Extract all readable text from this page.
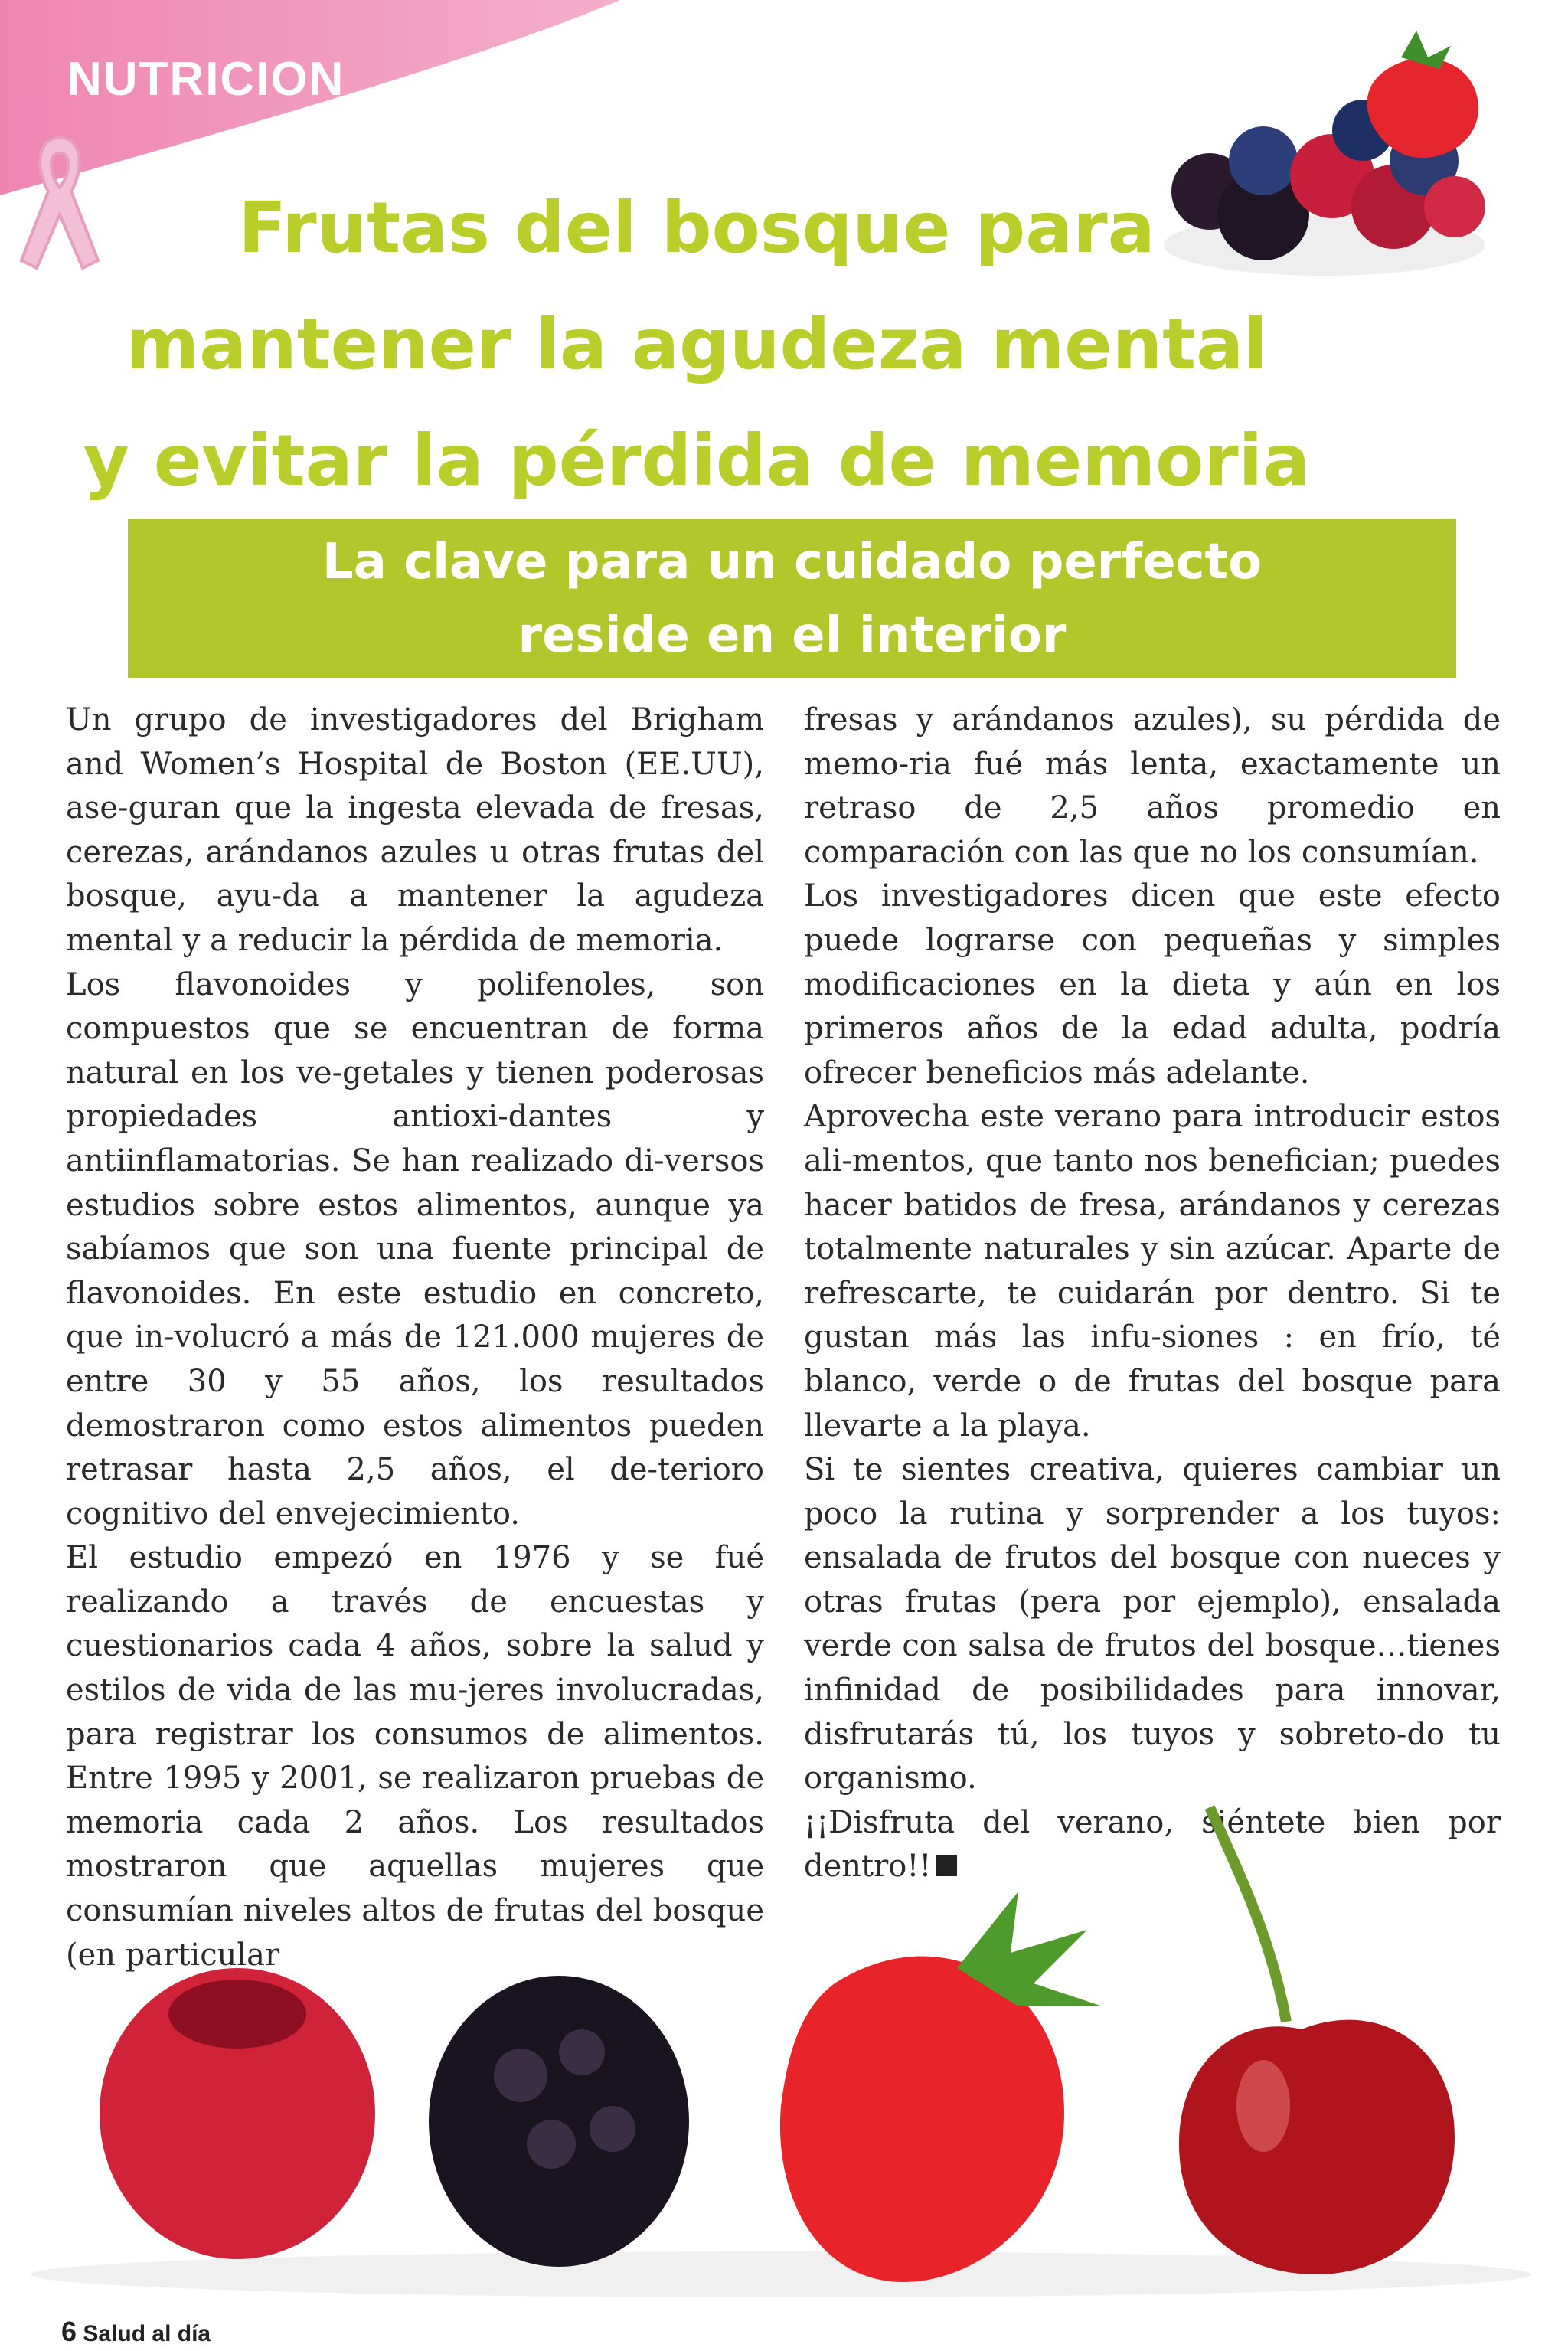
NUTRICION
Frutas del bosque para
mantener la agudeza mental
y evitar la pérdida de memoria
La clave para un cuidado perfecto
reside en el interior

Un grupo de investigadores del Brigham and Women’s Hospital de Boston (EE.UU), ase-guran que la ingesta elevada de fresas, cerezas, arándanos azules u otras frutas del bosque, ayu-da a mantener la agudeza mental y a reducir la pérdida de memoria.

Los flavonoides y polifenoles, son compuestos que se encuentran de forma natural en los ve-getales y tienen poderosas propiedades antioxi-dantes y antiinflamatorias. Se han realizado di-versos estudios sobre estos alimentos, aunque ya sabíamos que son una fuente principal de flavonoides. En este estudio en concreto, que in-volucró a más de 121.000 mujeres de entre 30 y 55 años, los resultados demostraron como estos alimentos pueden retrasar hasta 2,5 años, el de-terioro cognitivo del envejecimiento.

El estudio empezó en 1976 y se fué realizando a través de encuestas y cuestionarios cada 4 años, sobre la salud y estilos de vida de las mu-jeres involucradas, para registrar los consumos de alimentos. Entre 1995 y 2001, se realizaron pruebas de memoria cada 2 años. Los resultados mostraron que aquellas mujeres que consumían niveles altos de frutas del bosque (en particular

fresas y arándanos azules), su pérdida de memo-ria fué más lenta, exactamente un retraso de 2,5 años promedio en comparación con las que no los consumían.

Los investigadores dicen que este efecto puede lograrse con pequeñas y simples modificaciones en la dieta y aún en los primeros años de la edad adulta, podría ofrecer beneficios más adelante.

Aprovecha este verano para introducir estos ali-mentos, que tanto nos benefician; puedes hacer batidos de fresa, arándanos y cerezas totalmente naturales y sin azúcar. Aparte de refrescarte, te cuidarán por dentro. Si te gustan más las infu-siones : en frío, té blanco, verde o de frutas del bosque para llevarte a la playa.

Si te sientes creativa, quieres cambiar un poco la rutina y sorprender a los tuyos: ensalada de frutos del bosque con nueces y otras frutas (pera por ejemplo), ensalada verde con salsa de frutos del bosque…tienes infinidad de posibilidades para innovar, disfrutarás tú, los tuyos y sobreto-do tu organismo.

¡¡Disfruta del verano, siéntete bien por dentro!!

6 Salud al día
